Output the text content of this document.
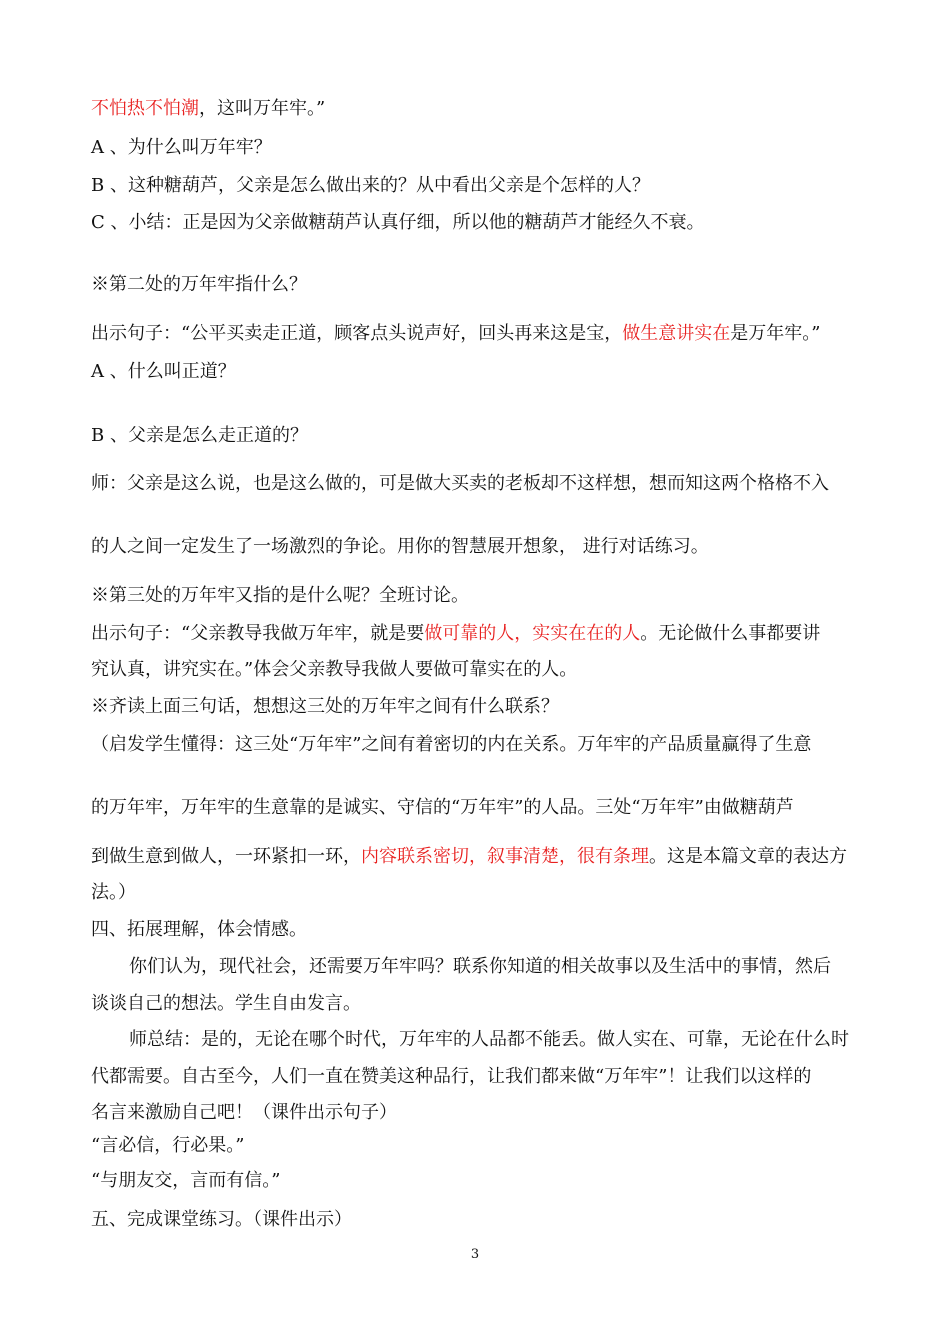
不怕热不怕潮，这叫万年牢。”
A 、为什么叫万年牢？
B 、这种糖葫芦，父亲是怎么做出来的？从中看出父亲是个怎样的人？
C 、小结：正是因为父亲做糖葫芦认真仔细，所以他的糖葫芦才能经久不衰。
※第二处的万年牢指什么？
出示句子：“公平买卖走正道，顾客点头说声好，回头再来这是宝，做生意讲实在是万年牢。”
A 、什么叫正道？
B 、父亲是怎么走正道的？
师：父亲是这么说，也是这么做的，可是做大买卖的老板却不这样想，想而知这两个格格不入
的人之间一定发生了一场激烈的争论。用你的智慧展开想象， 进行对话练习。
※第三处的万年牢又指的是什么呢？全班讨论。
出示句子：“父亲教导我做万年牢，就是要做可靠的人，实实在在的人。无论做什么事都要讲
究认真，讲究实在。”体会父亲教导我做人要做可靠实在的人。
※齐读上面三句话，想想这三处的万年牢之间有什么联系？
（启发学生懂得：这三处“万年牢”之间有着密切的内在关系。万年牢的产品质量赢得了生意
的万年牢，万年牢的生意靠的是诚实、守信的“万年牢”的人品。三处“万年牢”由做糖葫芦
到做生意到做人，一环紧扣一环，内容联系密切，叙事清楚，很有条理。这是本篇文章的表达方
法。）
四、拓展理解，体会情感。
你们认为，现代社会，还需要万年牢吗？联系你知道的相关故事以及生活中的事情，然后
谈谈自己的想法。学生自由发言。
师总结：是的，无论在哪个时代，万年牢的人品都不能丢。做人实在、可靠，无论在什么时
代都需要。自古至今，人们一直在赞美这种品行，让我们都来做“万年牢”！让我们以这样的
名言来激励自己吧！（课件出示句子）
“言必信，行必果。”
“与朋友交，言而有信。”
五、完成课堂练习。（课件出示）
3
